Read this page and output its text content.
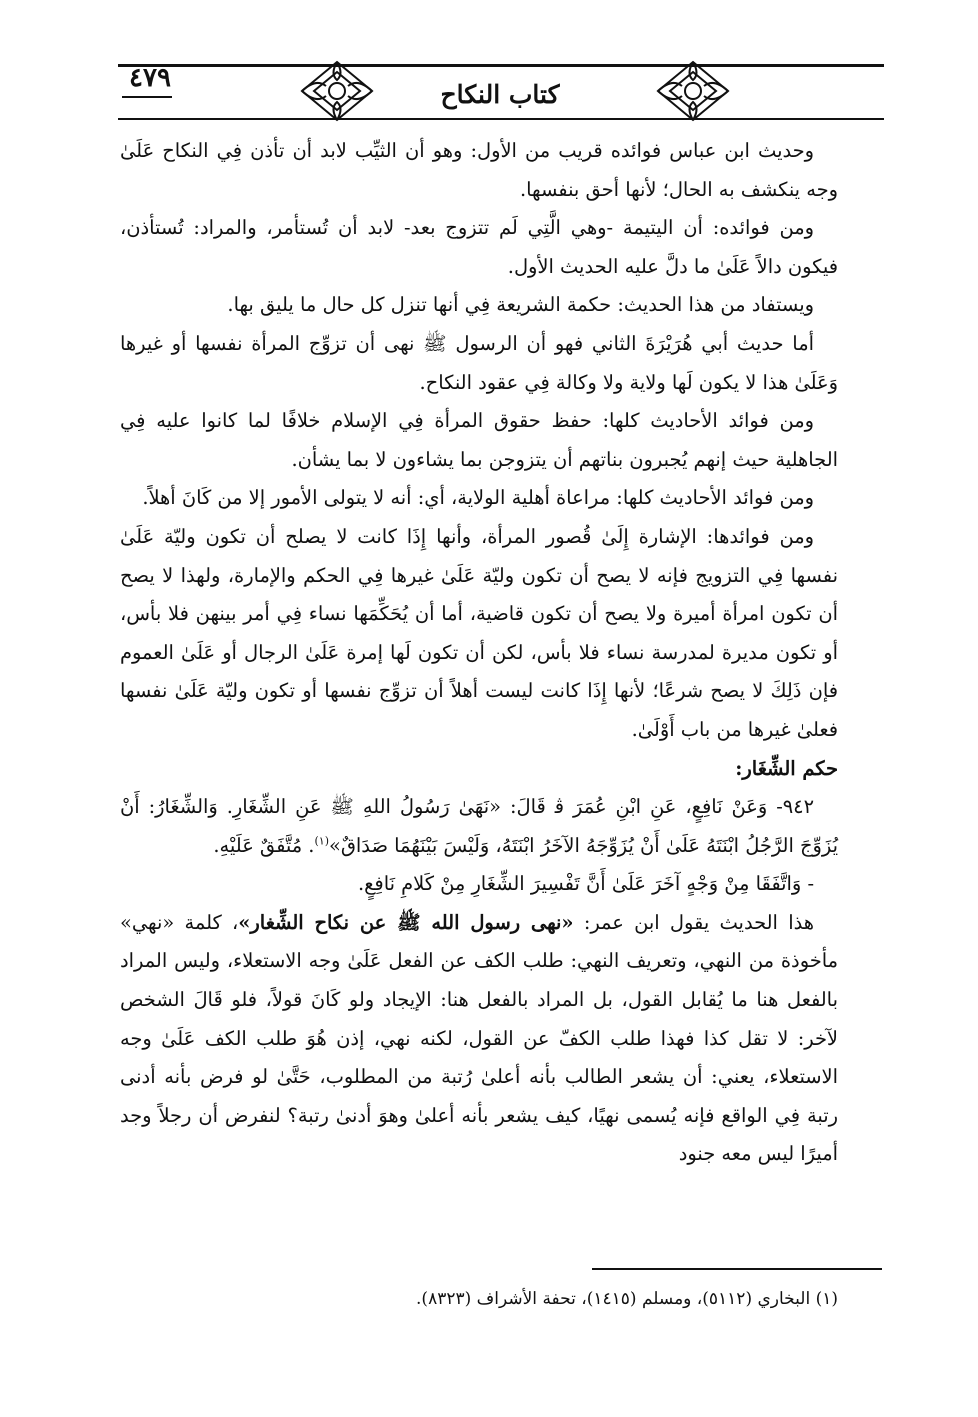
٤٧٩
كتاب النكاح

وحديث ابن عباس فوائده قريب من الأول: وهو أن الثيِّب لابد أن تأذن فِي النكاح عَلَىٰ وجه ينكشف به الحال؛ لأنها أحق بنفسها.

ومن فوائده: أن اليتيمة -وهي الَّتِي لَم تتزوج بعد- لابد أن تُستأمر، والمراد: تُستأذن، فيكون دالاً عَلَىٰ ما دلَّ عليه الحديث الأول.

ويستفاد من هذا الحديث: حكمة الشريعة فِي أنها تنزل كل حال ما يليق بها.

أما حديث أبي هُرَيْرَةَ الثاني فهو أن الرسول ﷺ نهى أن تزوِّج المرأة نفسها أو غيرها وَعَلَىٰ هذا لا يكون لَها ولاية ولا وكالة فِي عقود النكاح.

ومن فوائد الأحاديث كلها: حفظ حقوق المرأة فِي الإسلام خلافًا لما كانوا عليه فِي الجاهلية حيث إنهم يُجبرون بناتهم أن يتزوجن بما يشاءون لا بما يشأن.

ومن فوائد الأحاديث كلها: مراعاة أهلية الولاية، أي: أنه لا يتولى الأمور إلا من كَانَ أهلاً.

ومن فوائدها: الإشارة إِلَىٰ قُصور المرأة، وأنها إِذَا كانت لا يصلح أن تكون وليّة عَلَىٰ نفسها فِي التزويج فإنه لا يصح أن تكون وليّة عَلَىٰ غيرها فِي الحكم والإمارة، ولهذا لا يصح أن تكون امرأة أميرة ولا يصح أن تكون قاضية، أما أن يُحَكِّمَها نساء فِي أمر بينهن فلا بأس، أو تكون مديرة لمدرسة نساء فلا بأس، لكن أن تكون لَها إمرة عَلَىٰ الرجال أو عَلَىٰ العموم فإن ذَلِكَ لا يصح شرعًا؛ لأنها إِذَا كانت ليست أهلاً أن تزوِّج نفسها أو تكون وليّة عَلَىٰ نفسها فعلىٰ غيرها من باب أَوْلَىٰ.

حكم الشِّغَار:

٩٤٢- وَعَنْ نَافِعٍ، عَنِ ابْنِ عُمَرَ ﭬ قَالَ: «نَهَىٰ رَسُولُ اللهِ ﷺ عَنِ الشِّغَارِ. وَالشِّغَارُ: أَنْ يُزَوِّجَ الرَّجُلُ ابْنَتَهُ عَلَىٰ أَنْ يُزَوِّجَهُ الآخَرُ ابْنَتَهُ، وَلَيْسَ بَيْنَهُمَا صَدَاقٌ»$^{(١)}$. مُتَّفَقٌ عَلَيْهِ.

- وَاتَّفَقَا مِنْ وَجْهٍ آخَرَ عَلَىٰ أَنَّ تَفْسِيرَ الشِّغَارِ مِنْ كَلامِ نَافِعٍ.

هذا الحديث يقول ابن عمر: «نهى رسول الله ﷺ عن نكاح الشِّغار»، كلمة «نهي» مأخوذة من النهي، وتعريف النهي: طلب الكف عن الفعل عَلَىٰ وجه الاستعلاء، وليس المراد بالفعل هنا ما يُقابل القول، بل المراد بالفعل هنا: الإيجاد ولو كَانَ قولاً، فلو قَالَ الشخص لآخر: لا تقل كذا فهذا طلب الكفّ عن القول، لكنه نهي، إذن هُوَ طلب الكف عَلَىٰ وجه الاستعلاء، يعني: أن يشعر الطالب بأنه أعلىٰ رُتبة من المطلوب، حَتَّىٰ لو فرض بأنه أدنى رتبة فِي الواقع فإنه يُسمى نهيًا، كيف يشعر بأنه أعلىٰ وهوَ أدنىٰ رتبة؟ لنفرض أن رجلاً وجد أميرًا ليس معه جنود

(١) البخاري (٥١١٢)، ومسلم (١٤١٥)، تحفة الأشراف (٨٣٢٣).
